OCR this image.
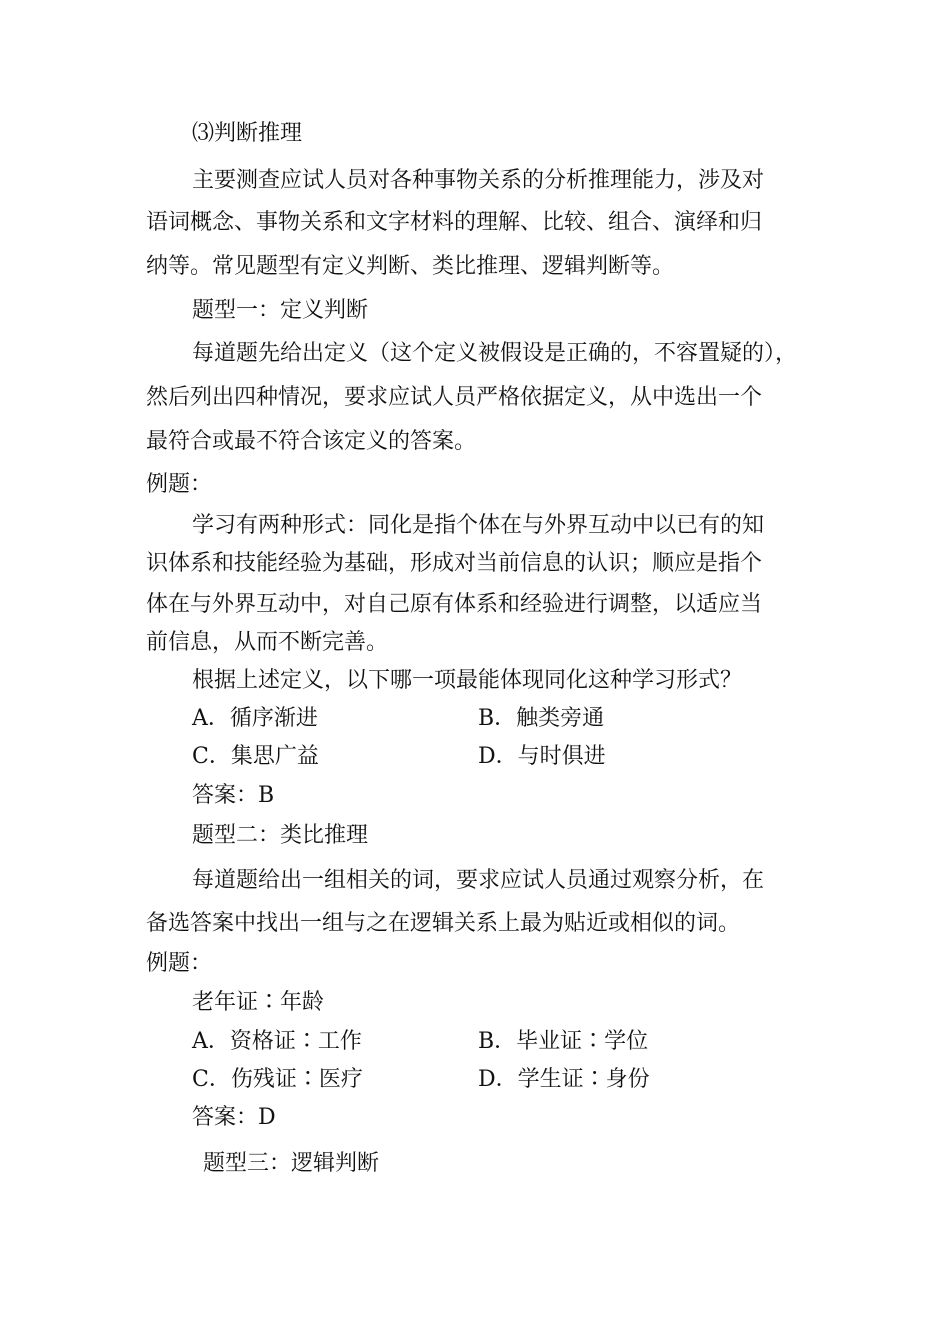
⑶判断推理
主要测查应试人员对各种事物关系的分析推理能力，涉及对
语词概念、事物关系和文字材料的理解、比较、组合、演绎和归
纳等。常见题型有定义判断、类比推理、逻辑判断等。
题型一：定义判断
每道题先给出定义（这个定义被假设是正确的，不容置疑的），
然后列出四种情况，要求应试人员严格依据定义，从中选出一个
最符合或最不符合该定义的答案。
例题：
学习有两种形式：同化是指个体在与外界互动中以已有的知
识体系和技能经验为基础，形成对当前信息的认识；顺应是指个
体在与外界互动中，对自己原有体系和经验进行调整，以适应当
前信息，从而不断完善。
根据上述定义，以下哪一项最能体现同化这种学习形式？
A．循序渐进	B．触类旁通
C．集思广益	D．与时俱进
答案：B
题型二：类比推理
每道题给出一组相关的词，要求应试人员通过观察分析，在
备选答案中找出一组与之在逻辑关系上最为贴近或相似的词。
例题：
老年证∶年龄
A．资格证∶工作	B．毕业证∶学位
C．伤残证∶医疗	D．学生证∶身份
答案：D
题型三：逻辑判断
